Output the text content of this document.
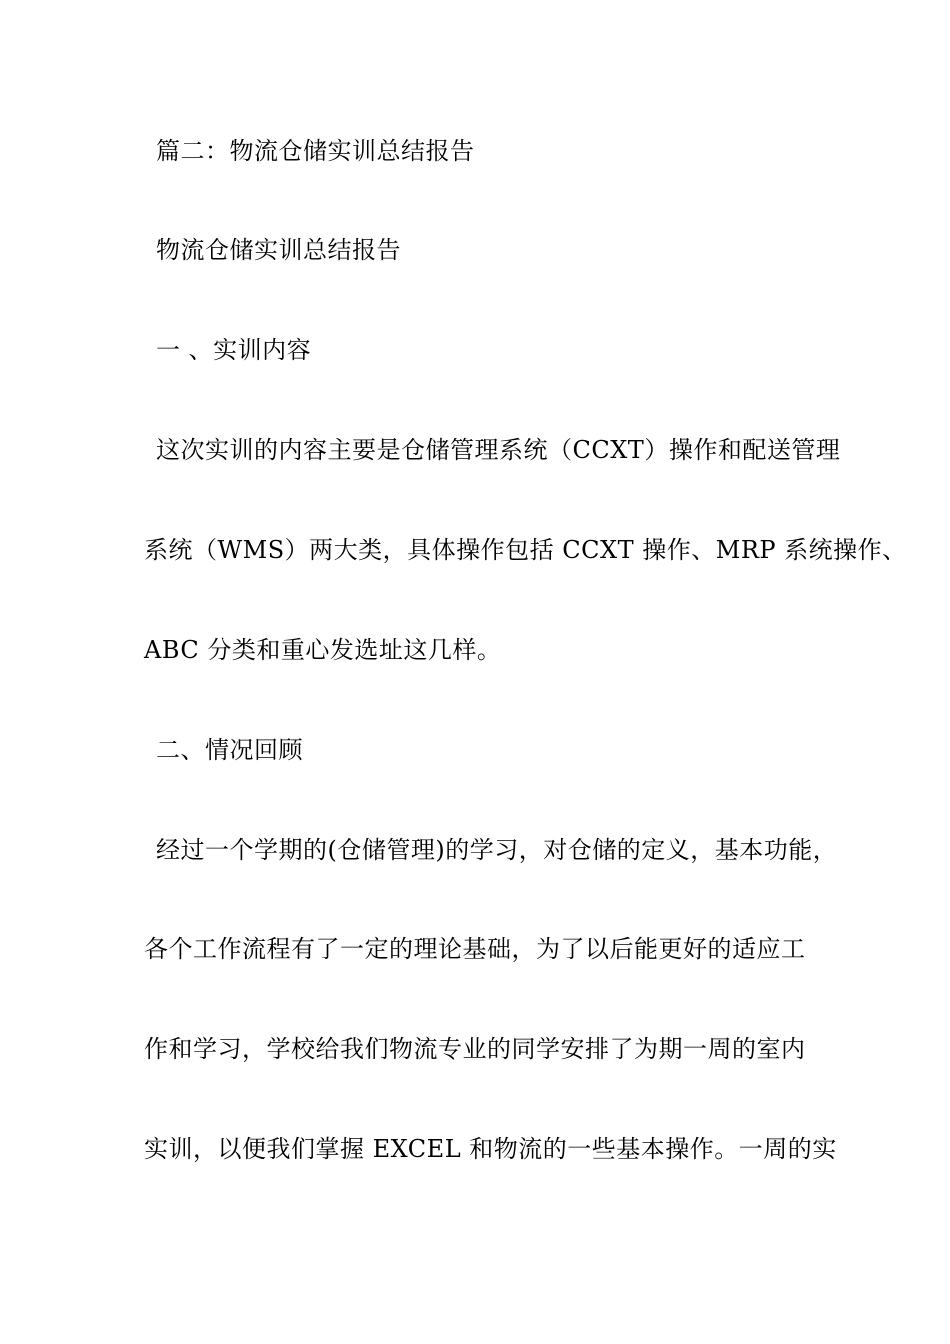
篇二：物流仓储实训总结报告
物流仓储实训总结报告
一 、实训内容
这次实训的内容主要是仓储管理系统（CCXT）操作和配送管理
系统（WMS）两大类，具体操作包括 CCXT 操作、MRP 系统操作、
ABC 分类和重心发选址这几样。
二、情况回顾
经过一个学期的(仓储管理)的学习，对仓储的定义，基本功能，
各个工作流程有了一定的理论基础，为了以后能更好的适应工
作和学习，学校给我们物流专业的同学安排了为期一周的室内
实训，以便我们掌握 EXCEL 和物流的一些基本操作。一周的实
